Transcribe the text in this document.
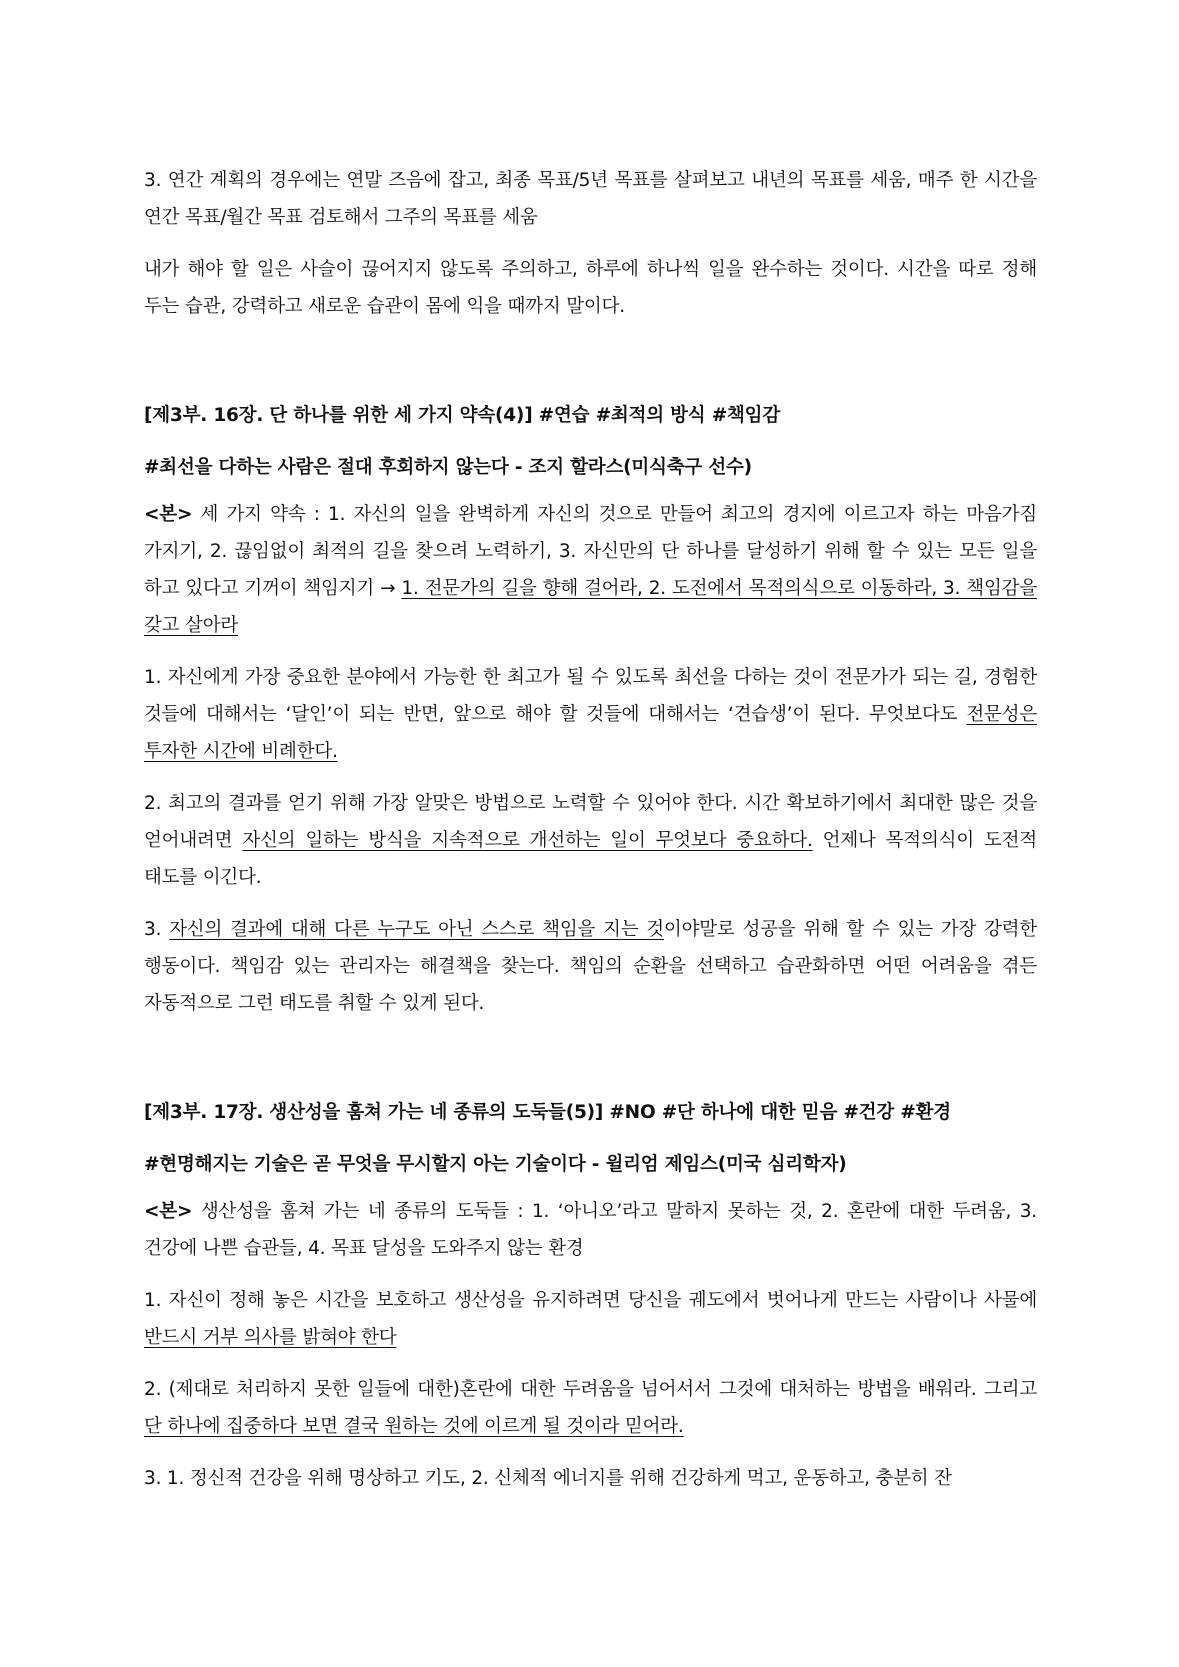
3. 연간 계획의 경우에는 연말 즈음에 잡고, 최종 목표/5년 목표를 살펴보고 내년의 목표를 세움, 매주 한 시간을 연간 목표/월간 목표 검토해서 그주의 목표를 세움

내가 해야 할 일은 사슬이 끊어지지 않도록 주의하고, 하루에 하나씩 일을 완수하는 것이다. 시간을 따로 정해 두는 습관, 강력하고 새로운 습관이 몸에 익을 때까지 말이다.

[제3부. 16장. 단 하나를 위한 세 가지 약속(4)] #연습 #최적의 방식 #책임감

#최선을 다하는 사람은 절대 후회하지 않는다 - 조지 할라스(미식축구 선수)

<본> 세 가지 약속 : 1. 자신의 일을 완벽하게 자신의 것으로 만들어 최고의 경지에 이르고자 하는 마음가짐 가지기, 2. 끊임없이 최적의 길을 찾으려 노력하기, 3. 자신만의 단 하나를 달성하기 위해 할 수 있는 모든 일을 하고 있다고 기꺼이 책임지기 → 1. 전문가의 길을 향해 걸어라, 2. 도전에서 목적의식으로 이동하라, 3. 책임감을 갖고 살아라

1. 자신에게 가장 중요한 분야에서 가능한 한 최고가 될 수 있도록 최선을 다하는 것이 전문가가 되는 길, 경험한 것들에 대해서는 ‘달인’이 되는 반면, 앞으로 해야 할 것들에 대해서는 ‘견습생’이 된다. 무엇보다도 전문성은 투자한 시간에 비례한다.

2. 최고의 결과를 얻기 위해 가장 알맞은 방법으로 노력할 수 있어야 한다. 시간 확보하기에서 최대한 많은 것을 얻어내려면 자신의 일하는 방식을 지속적으로 개선하는 일이 무엇보다 중요하다. 언제나 목적의식이 도전적 태도를 이긴다.

3. 자신의 결과에 대해 다른 누구도 아닌 스스로 책임을 지는 것이야말로 성공을 위해 할 수 있는 가장 강력한 행동이다. 책임감 있는 관리자는 해결책을 찾는다. 책임의 순환을 선택하고 습관화하면 어떤 어려움을 겪든 자동적으로 그런 태도를 취할 수 있게 된다.

[제3부. 17장. 생산성을 훔쳐 가는 네 종류의 도둑들(5)] #NO #단 하나에 대한 믿음 #건강 #환경

#현명해지는 기술은 곧 무엇을 무시할지 아는 기술이다 - 윌리엄 제임스(미국 심리학자)

<본> 생산성을 훔쳐 가는 네 종류의 도둑들 : 1. ‘아니오’라고 말하지 못하는 것, 2. 혼란에 대한 두려움, 3. 건강에 나쁜 습관들, 4. 목표 달성을 도와주지 않는 환경

1. 자신이 정해 놓은 시간을 보호하고 생산성을 유지하려면 당신을 궤도에서 벗어나게 만드는 사람이나 사물에 반드시 거부 의사를 밝혀야 한다

2. (제대로 처리하지 못한 일들에 대한)혼란에 대한 두려움을 넘어서서 그것에 대처하는 방법을 배워라. 그리고 단 하나에 집중하다 보면 결국 원하는 것에 이르게 될 것이라 믿어라.

3. 1. 정신적 건강을 위해 명상하고 기도, 2. 신체적 에너지를 위해 건강하게 먹고, 운동하고, 충분히 잔
